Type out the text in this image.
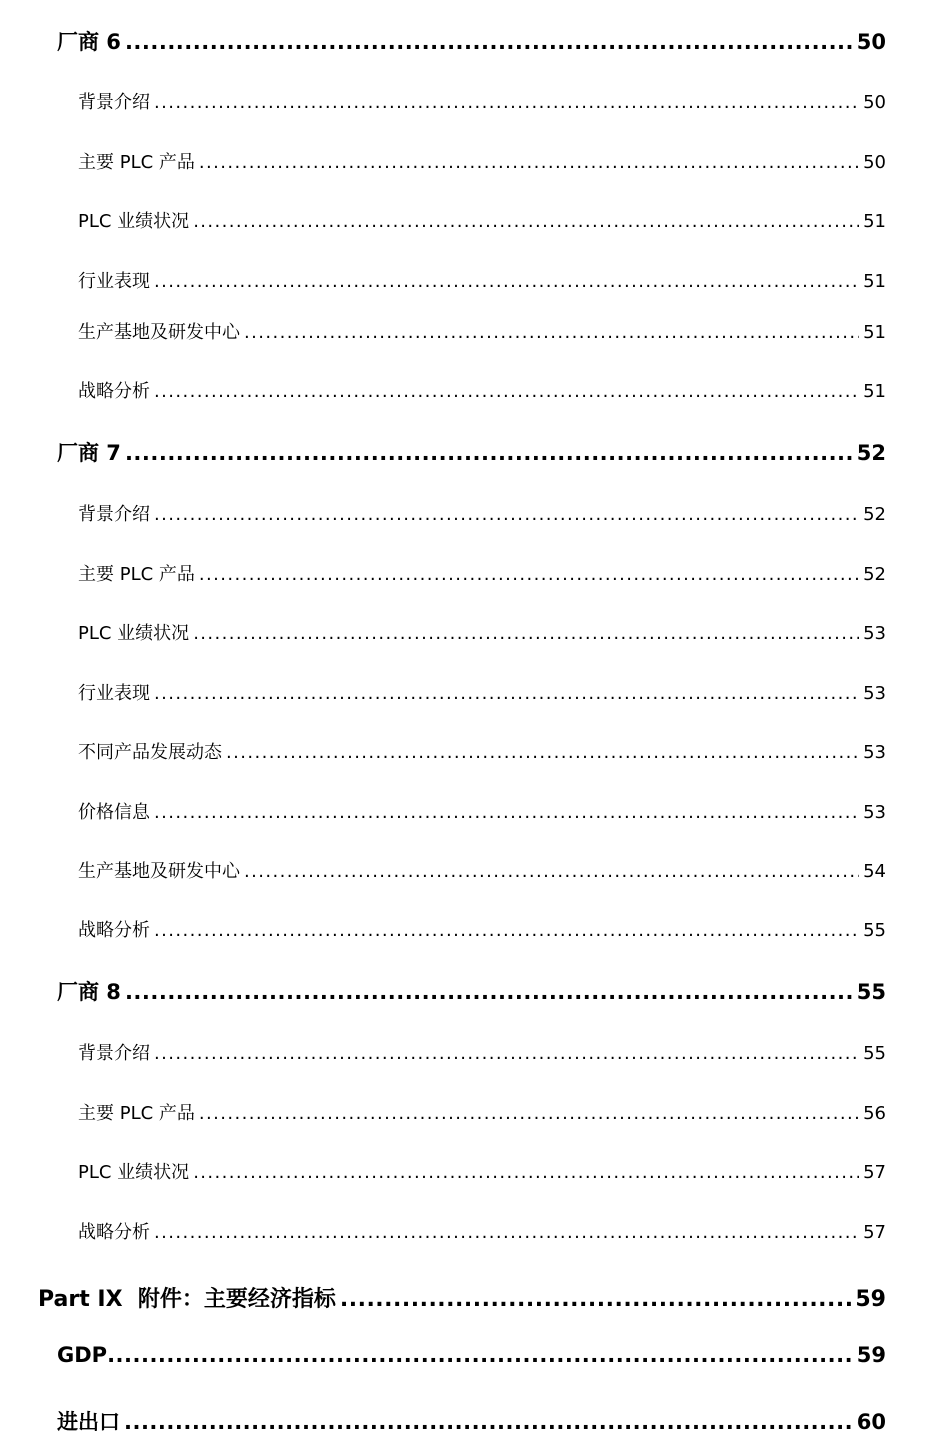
厂商 6 .....	50
背景介绍 .....	50
主要 PLC 产品 .....	50
PLC 业绩状况 .....	51
行业表现 .....	51
生产基地及研发中心 .....	51
战略分析 .....	51
厂商 7 .....	52
背景介绍 .....	52
主要 PLC 产品 .....	52
PLC 业绩状况 .....	53
行业表现 .....	53
不同产品发展动态 .....	53
价格信息 .....	53
生产基地及研发中心 .....	54
战略分析 .....	55
厂商 8 .....	55
背景介绍 .....	55
主要 PLC 产品 .....	56
PLC 业绩状况 .....	57
战略分析 .....	57
Part IX  附件：主要经济指标 .....	59
GDP .....	59
进出口 .....	60
